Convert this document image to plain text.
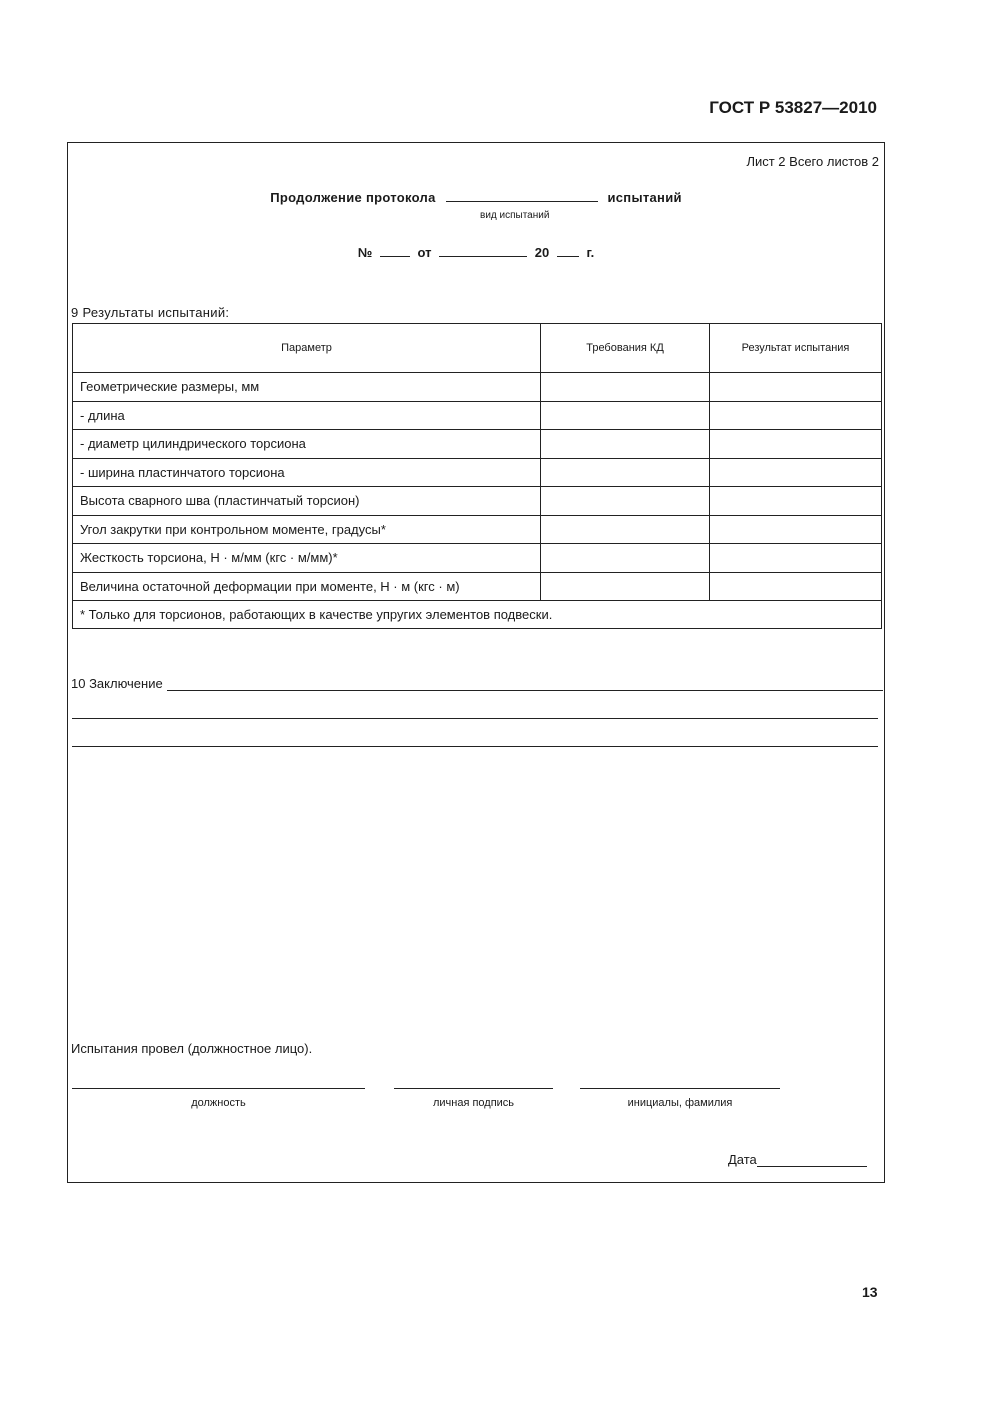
ГОСТ Р 53827—2010
Лист 2 Всего листов 2
Продолжение протокола	испытаний
вид испытаний
№	от	20	г.
9 Результаты испытаний:
Параметр	Требования КД	Результат испытания
Геометрические размеры, мм		
- длина		
- диаметр цилиндрического торсиона		
- ширина пластинчатого торсиона		
Высота сварного шва (пластинчатый торсион)		
Угол закрутки при контрольном моменте, градусы*		
Жесткость торсиона, Н · м/мм (кгс · м/мм)*		
Величина остаточной деформации при моменте, Н · м (кгс · м)		
* Только для торсионов, работающих в качестве упругих элементов подвески.		
10 Заключение
Испытания провел (должностное лицо).
должность	личная подпись	инициалы, фамилия
Дата
13
